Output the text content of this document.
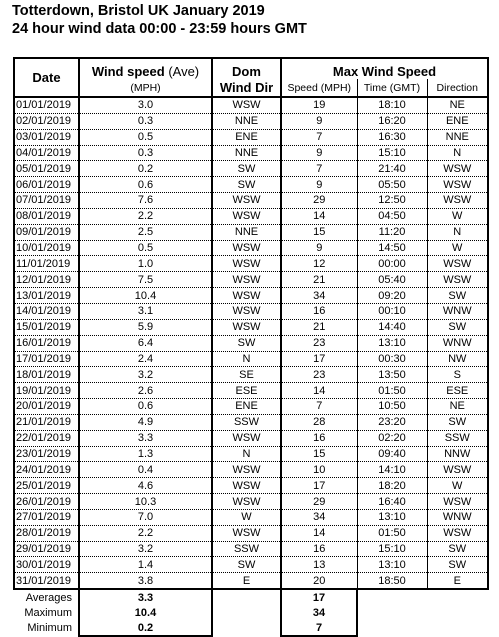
Totterdown, Bristol UK January 2019
24 hour wind data 00:00 - 23:59 hours GMT
Date	Wind speed (Ave)	Dom	Max Wind Speed		
	(MPH)	Wind Dir	Speed (MPH)	Time (GMT)	Direction
01/01/2019	3.0	WSW	19	18:10	NE
02/01/2019	0.3	NNE	9	16:20	ENE
03/01/2019	0.5	ENE	7	16:30	NNE
04/01/2019	0.3	NNE	9	15:10	N
05/01/2019	0.2	SW	7	21:40	WSW
06/01/2019	0.6	SW	9	05:50	WSW
07/01/2019	7.6	WSW	29	12:50	WSW
08/01/2019	2.2	WSW	14	04:50	W
09/01/2019	2.5	NNE	15	11:20	N
10/01/2019	0.5	WSW	9	14:50	W
11/01/2019	1.0	WSW	12	00:00	WSW
12/01/2019	7.5	WSW	21	05:40	WSW
13/01/2019	10.4	WSW	34	09:20	SW
14/01/2019	3.1	WSW	16	00:10	WNW
15/01/2019	5.9	WSW	21	14:40	SW
16/01/2019	6.4	SW	23	13:10	WNW
17/01/2019	2.4	N	17	00:30	NW
18/01/2019	3.2	SE	23	13:50	S
19/01/2019	2.6	ESE	14	01:50	ESE
20/01/2019	0.6	ENE	7	10:50	NE
21/01/2019	4.9	SSW	28	23:20	SW
22/01/2019	3.3	WSW	16	02:20	SSW
23/01/2019	1.3	N	15	09:40	NNW
24/01/2019	0.4	WSW	10	14:10	WSW
25/01/2019	4.6	WSW	17	18:20	W
26/01/2019	10.3	WSW	29	16:40	WSW
27/01/2019	7.0	W	34	13:10	WNW
28/01/2019	2.2	WSW	14	01:50	WSW
29/01/2019	3.2	SSW	16	15:10	SW
30/01/2019	1.4	SW	13	13:10	SW
31/01/2019	3.8	E	20	18:50	E
Averages	3.3		17		
Maximum	10.4		34		
Minimum	0.2		7		
